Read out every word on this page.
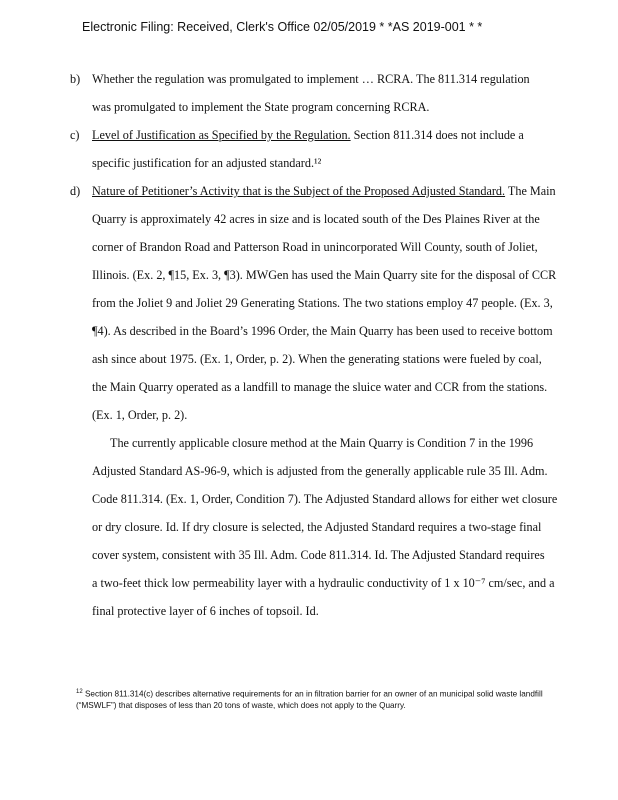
Electronic Filing: Received, Clerk's Office 02/05/2019 * *AS 2019-001 * *
b) Whether the regulation was promulgated to implement … RCRA. The 811.314 regulation
was promulgated to implement the State program concerning RCRA.
c) Level of Justification as Specified by the Regulation. Section 811.314 does not include a
specific justification for an adjusted standard.¹²
d) Nature of Petitioner’s Activity that is the Subject of the Proposed Adjusted Standard. The Main
Quarry is approximately 42 acres in size and is located south of the Des Plaines River at the
corner of Brandon Road and Patterson Road in unincorporated Will County, south of Joliet,
Illinois. (Ex. 2, ¶15, Ex. 3, ¶3). MWGen has used the Main Quarry site for the disposal of CCR
from the Joliet 9 and Joliet 29 Generating Stations. The two stations employ 47 people. (Ex. 3,
¶4). As described in the Board’s 1996 Order, the Main Quarry has been used to receive bottom
ash since about 1975. (Ex. 1, Order, p. 2). When the generating stations were fueled by coal,
the Main Quarry operated as a landfill to manage the sluice water and CCR from the stations.
(Ex. 1, Order, p. 2).
The currently applicable closure method at the Main Quarry is Condition 7 in the 1996
Adjusted Standard AS-96-9, which is adjusted from the generally applicable rule 35 Ill. Adm.
Code 811.314. (Ex. 1, Order, Condition 7). The Adjusted Standard allows for either wet closure
or dry closure. Id. If dry closure is selected, the Adjusted Standard requires a two-stage final
cover system, consistent with 35 Ill. Adm. Code 811.314. Id. The Adjusted Standard requires
a two-feet thick low permeability layer with a hydraulic conductivity of 1 x 10⁻⁷ cm/sec, and a
final protective layer of 6 inches of topsoil. Id.
$^{12}$ Section 811.314(c) describes alternative requirements for an in filtration barrier for an owner of an municipal solid waste landfill (“MSWLF”) that disposes of less than 20 tons of waste, which does not apply to the Quarry.
